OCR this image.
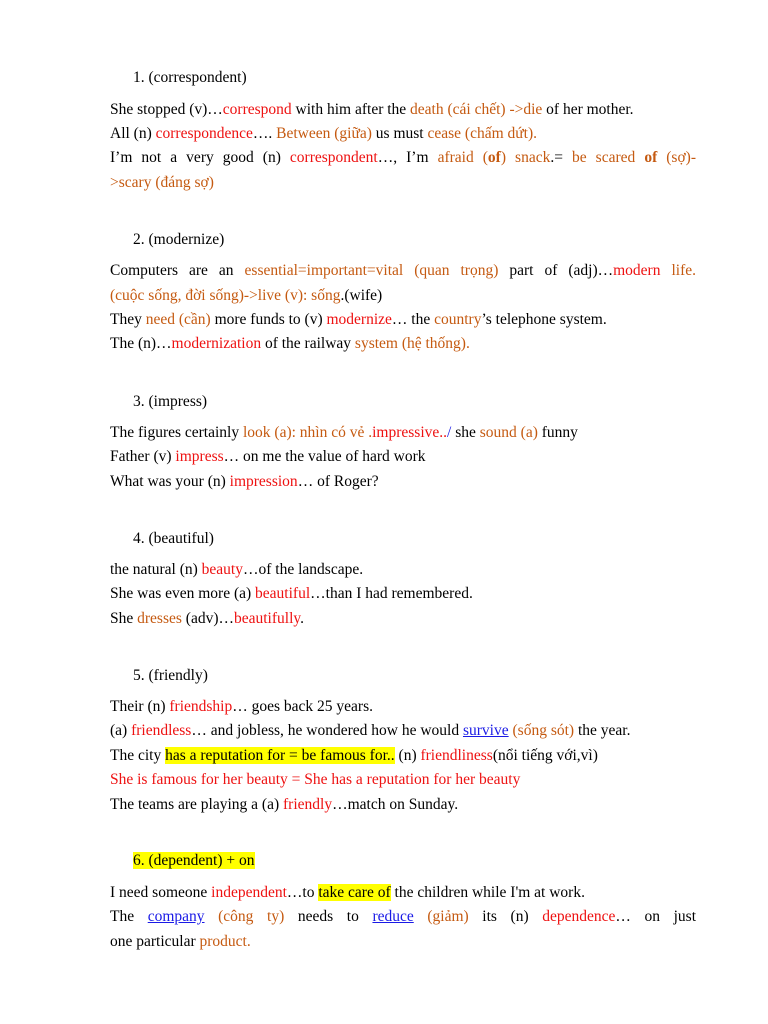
1. (correspondent)
She stopped (v)…correspond with him after the death (cái chết) ->die of her mother.
All (n) correspondence…. Between (giữa) us must cease (chấm dứt).
I’m not a very good (n) correspondent…, I’m afraid (of) snack.= be scared of (sợ)-
>scary (đáng sợ)
2. (modernize)
Computers are an essential=important=vital (quan trọng) part of (adj)…modern life.
(cuộc sống, đời sống)->live (v): sống.(wife)
They need (cần) more funds to (v) modernize… the country’s telephone system.
The (n)…modernization of the railway system (hệ thống).
3. (impress)
The figures certainly look (a): nhìn có vẻ .impressive../ she sound (a) funny
Father (v) impress… on me the value of hard work
What was your (n) impression… of Roger?
4. (beautiful)
the natural (n) beauty…of the landscape.
She was even more (a) beautiful…than I had remembered.
She dresses (adv)…beautifully.
5. (friendly)
Their (n) friendship… goes back 25 years.
(a) friendless… and jobless, he wondered how he would survive (sống sót) the year.
The city has a reputation for = be famous for.. (n) friendliness(nổi tiếng với,vì)
She is famous for her beauty = She has a reputation for her beauty
The teams are playing a (a) friendly…match on Sunday.
6. (dependent) + on
I need someone independent…to take care of the children while I'm at work.
The company (công ty) needs to reduce (giảm) its (n) dependence… on just
one particular product.
